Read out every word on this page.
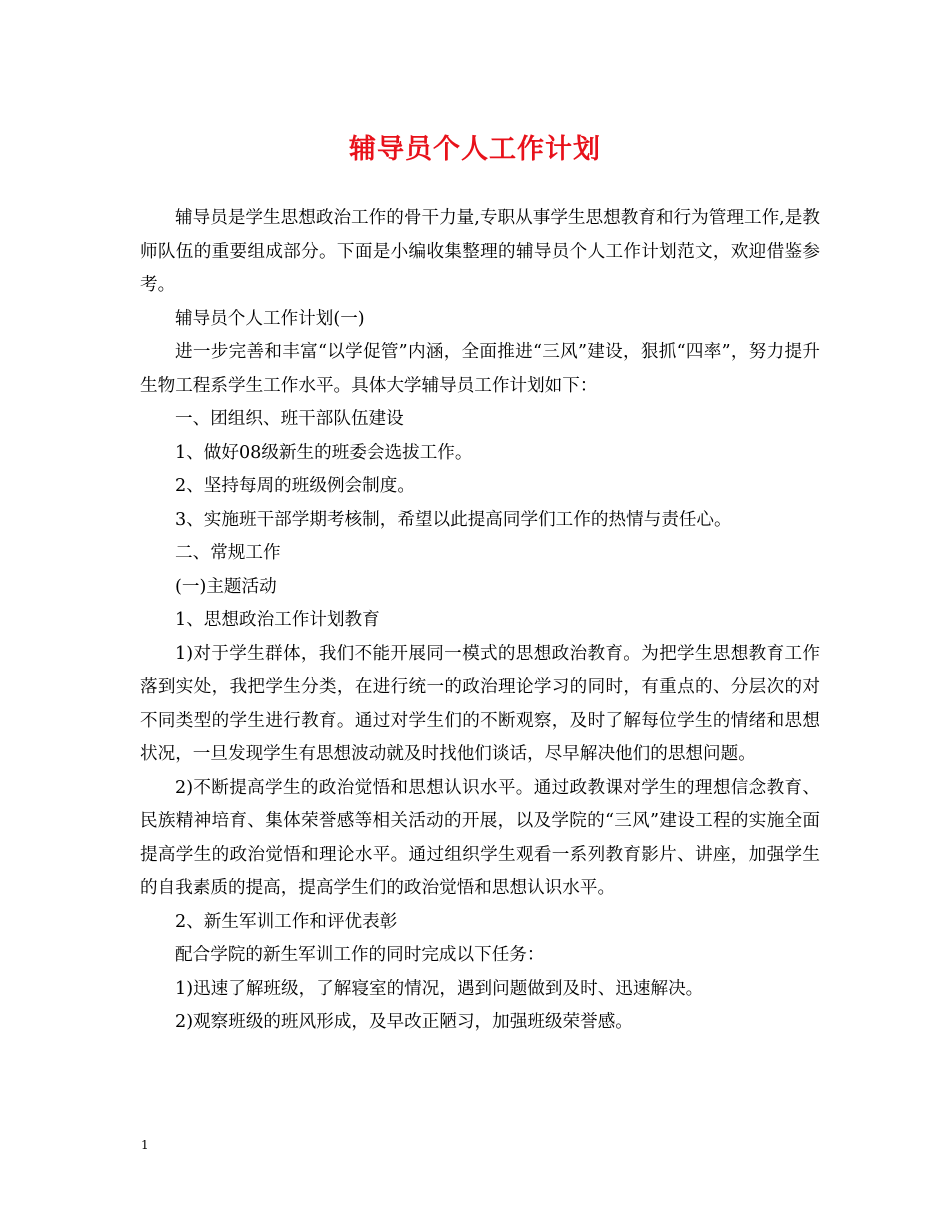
辅导员个人工作计划

辅导员是学生思想政治工作的骨干力量,专职从事学生思想教育和行为管理工作,是教师队伍的重要组成部分。下面是小编收集整理的辅导员个人工作计划范文，欢迎借鉴参考。

辅导员个人工作计划(一)

进一步完善和丰富“以学促管”内涵，全面推进“三风”建设，狠抓“四率”，努力提升生物工程系学生工作水平。具体大学辅导员工作计划如下：

一、团组织、班干部队伍建设

1、做好08级新生的班委会选拔工作。

2、坚持每周的班级例会制度。

3、实施班干部学期考核制，希望以此提高同学们工作的热情与责任心。

二、常规工作

(一)主题活动

1、思想政治工作计划教育

1)对于学生群体，我们不能开展同一模式的思想政治教育。为把学生思想教育工作落到实处，我把学生分类，在进行统一的政治理论学习的同时，有重点的、分层次的对不同类型的学生进行教育。通过对学生们的不断观察，及时了解每位学生的情绪和思想状况，一旦发现学生有思想波动就及时找他们谈话，尽早解决他们的思想问题。

2)不断提高学生的政治觉悟和思想认识水平。通过政教课对学生的理想信念教育、民族精神培育、集体荣誉感等相关活动的开展，以及学院的“三风”建设工程的实施全面提高学生的政治觉悟和理论水平。通过组织学生观看一系列教育影片、讲座，加强学生的自我素质的提高，提高学生们的政治觉悟和思想认识水平。

2、新生军训工作和评优表彰

配合学院的新生军训工作的同时完成以下任务：

1)迅速了解班级，了解寝室的情况，遇到问题做到及时、迅速解决。

2)观察班级的班风形成，及早改正陋习，加强班级荣誉感。

1
